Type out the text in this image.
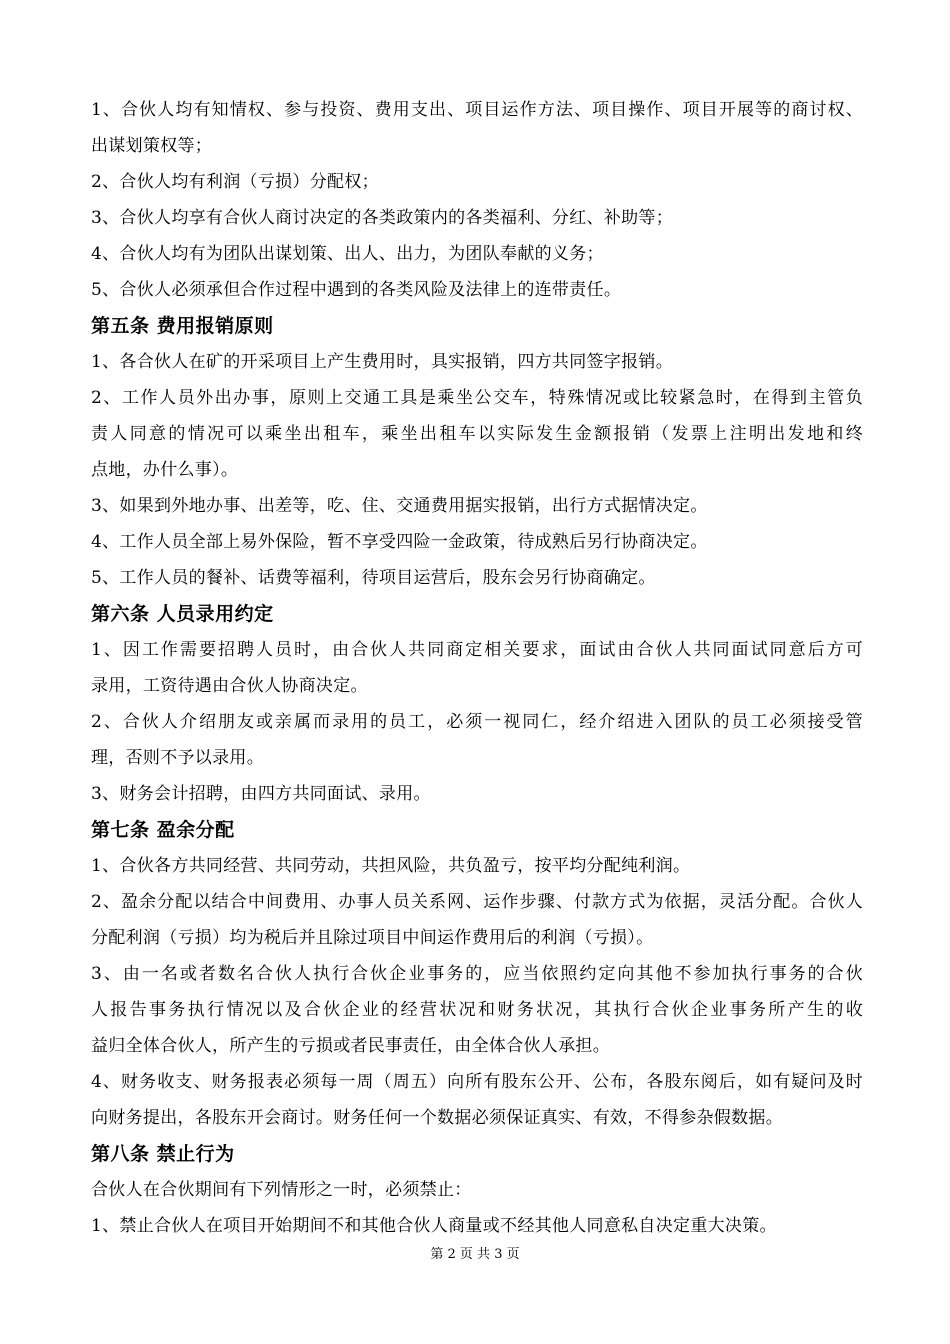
1、合伙人均有知情权、参与投资、费用支出、项目运作方法、项目操作、项目开展等的商讨权、

出谋划策权等；

2、合伙人均有利润（亏损）分配权；

3、合伙人均享有合伙人商讨决定的各类政策内的各类福利、分红、补助等；

4、合伙人均有为团队出谋划策、出人、出力，为团队奉献的义务；

5、合伙人必须承但合作过程中遇到的各类风险及法律上的连带责任。

第五条 费用报销原则

1、各合伙人在矿的开采项目上产生费用时，具实报销，四方共同签字报销。

2、工作人员外出办事，原则上交通工具是乘坐公交车，特殊情况或比较紧急时，在得到主管负

责人同意的情况可以乘坐出租车，乘坐出租车以实际发生金额报销（发票上注明出发地和终

点地，办什么事）。

3、如果到外地办事、出差等，吃、住、交通费用据实报销，出行方式据情决定。

4、工作人员全部上易外保险，暂不享受四险一金政策，待成熟后另行协商决定。

5、工作人员的餐补、话费等福利，待项目运营后，股东会另行协商确定。

第六条 人员录用约定

1、因工作需要招聘人员时，由合伙人共同商定相关要求，面试由合伙人共同面试同意后方可

录用，工资待遇由合伙人协商决定。

2、合伙人介绍朋友或亲属而录用的员工，必须一视同仁，经介绍进入团队的员工必须接受管

理，否则不予以录用。

3、财务会计招聘，由四方共同面试、录用。

第七条 盈余分配

1、合伙各方共同经营、共同劳动，共担风险，共负盈亏，按平均分配纯利润。

2、盈余分配以结合中间费用、办事人员关系网、运作步骤、付款方式为依据，灵活分配。合伙人

分配利润（亏损）均为税后并且除过项目中间运作费用后的利润（亏损）。

3、由一名或者数名合伙人执行合伙企业事务的，应当依照约定向其他不参加执行事务的合伙

人报告事务执行情况以及合伙企业的经营状况和财务状况，其执行合伙企业事务所产生的收

益归全体合伙人，所产生的亏损或者民事责任，由全体合伙人承担。

4、财务收支、财务报表必须每一周（周五）向所有股东公开、公布，各股东阅后，如有疑问及时

向财务提出，各股东开会商讨。财务任何一个数据必须保证真实、有效，不得参杂假数据。

第八条 禁止行为

合伙人在合伙期间有下列情形之一时，必须禁止：

1、禁止合伙人在项目开始期间不和其他合伙人商量或不经其他人同意私自决定重大决策。

第 2 页 共 3 页
